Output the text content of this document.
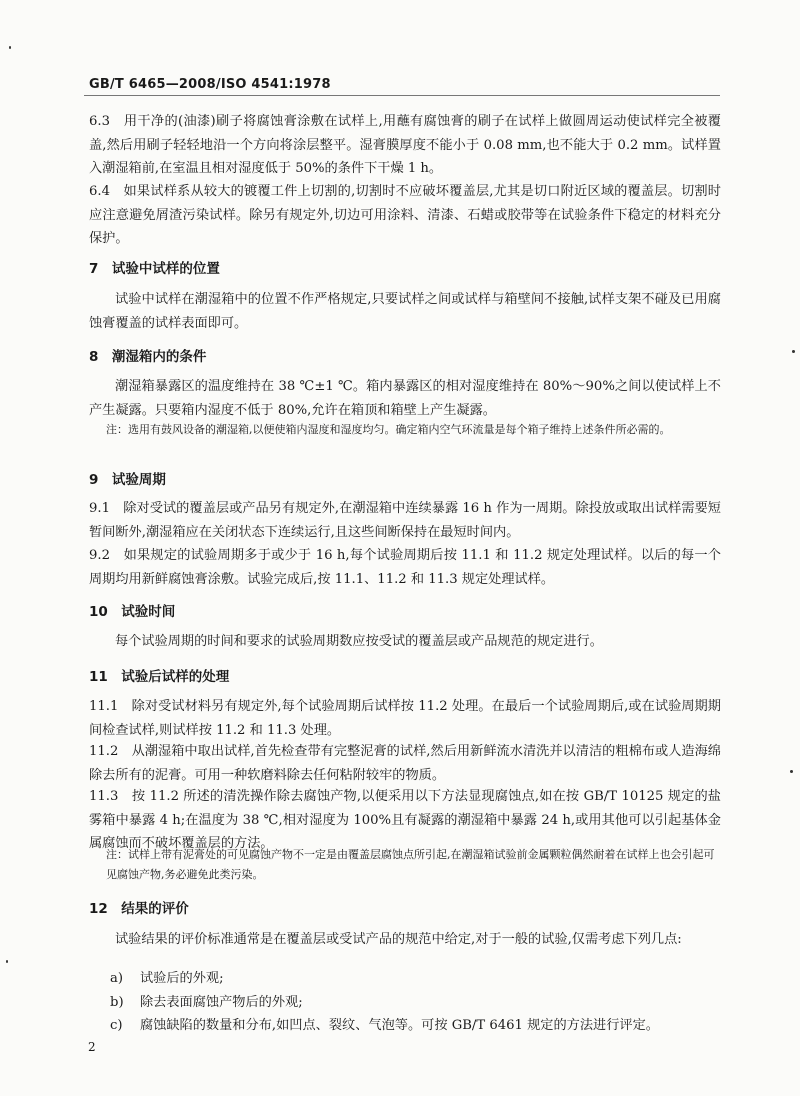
GB/T 6465—2008/ISO 4541:1978
6.3　用干净的(油漆)刷子将腐蚀膏涂敷在试样上,用蘸有腐蚀膏的刷子在试样上做圆周运动使试样完全被覆盖,然后用刷子轻轻地沿一个方向将涂层整平。湿膏膜厚度不能小于 0.08 mm,也不能大于 0.2 mm。试样置入潮湿箱前,在室温且相对湿度低于 50%的条件下干燥 1 h。
6.4　如果试样系从较大的镀覆工件上切割的,切割时不应破坏覆盖层,尤其是切口附近区域的覆盖层。切割时应注意避免屑渣污染试样。除另有规定外,切边可用涂料、清漆、石蜡或胶带等在试验条件下稳定的材料充分保护。
7　试验中试样的位置
试验中试样在潮湿箱中的位置不作严格规定,只要试样之间或试样与箱壁间不接触,试样支架不碰及已用腐蚀膏覆盖的试样表面即可。
8　潮湿箱内的条件
潮湿箱暴露区的温度维持在 38 ℃±1 ℃。箱内暴露区的相对湿度维持在 80%～90%之间以使试样上不产生凝露。只要箱内湿度不低于 80%,允许在箱顶和箱壁上产生凝露。
注：选用有鼓风设备的潮湿箱,以便使箱内湿度和湿度均匀。确定箱内空气环流量是每个箱子维持上述条件所必需的。
9　试验周期
9.1　除对受试的覆盖层或产品另有规定外,在潮湿箱中连续暴露 16 h 作为一周期。除投放或取出试样需要短暂间断外,潮湿箱应在关闭状态下连续运行,且这些间断保持在最短时间内。
9.2　如果规定的试验周期多于或少于 16 h,每个试验周期后按 11.1 和 11.2 规定处理试样。以后的每一个周期均用新鲜腐蚀膏涂敷。试验完成后,按 11.1、11.2 和 11.3 规定处理试样。
10　试验时间
每个试验周期的时间和要求的试验周期数应按受试的覆盖层或产品规范的规定进行。
11　试验后试样的处理
11.1　除对受试材料另有规定外,每个试验周期后试样按 11.2 处理。在最后一个试验周期后,或在试验周期期间检查试样,则试样按 11.2 和 11.3 处理。
11.2　从潮湿箱中取出试样,首先检查带有完整泥膏的试样,然后用新鲜流水清洗并以清洁的粗棉布或人造海绵除去所有的泥膏。可用一种软磨料除去任何粘附较牢的物质。
11.3　按 11.2 所述的清洗操作除去腐蚀产物,以便采用以下方法显现腐蚀点,如在按 GB/T 10125 规定的盐雾箱中暴露 4 h;在温度为 38 ℃,相对湿度为 100%且有凝露的潮湿箱中暴露 24 h,或用其他可以引起基体金属腐蚀而不破坏覆盖层的方法。
注：试样上带有泥膏处的可见腐蚀产物不一定是由覆盖层腐蚀点所引起,在潮湿箱试验前金属颗粒偶然耐着在试样上也会引起可见腐蚀产物,务必避免此类污染。
12　结果的评价
试验结果的评价标准通常是在覆盖层或受试产品的规范中给定,对于一般的试验,仅需考虑下列几点:
a) 试验后的外观;
b) 除去表面腐蚀产物后的外观;
c) 腐蚀缺陷的数量和分布,如凹点、裂纹、气泡等。可按 GB/T 6461 规定的方法进行评定。
2
